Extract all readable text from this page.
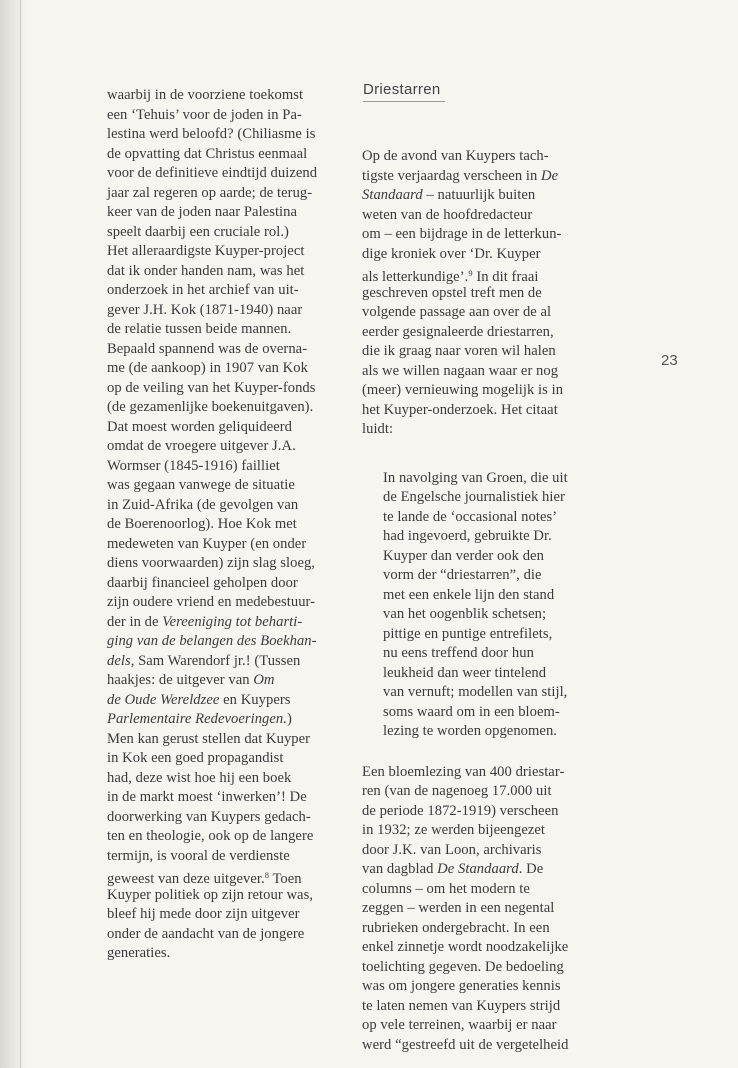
Driestarren
23
waarbij in de voorziene toekomst
een ‘Tehuis’ voor de joden in Pa-
lestina werd beloofd? (Chiliasme is
de opvatting dat Christus eenmaal
voor de definitieve eindtijd duizend
jaar zal regeren op aarde; de terug-
keer van de joden naar Palestina
speelt daarbij een cruciale rol.)
Het alleraardigste Kuyper-project
dat ik onder handen nam, was het
onderzoek in het archief van uit-
gever J.H. Kok (1871-1940) naar
de relatie tussen beide mannen.
Bepaald spannend was de overna-
me (de aankoop) in 1907 van Kok
op de veiling van het Kuyper-fonds
(de gezamenlijke boekenuitgaven).
Dat moest worden geliquideerd
omdat de vroegere uitgever J.A.
Wormser (1845-1916) failliet
was gegaan vanwege de situatie
in Zuid-Afrika (de gevolgen van
de Boerenoorlog). Hoe Kok met
medeweten van Kuyper (en onder
diens voorwaarden) zijn slag sloeg,
daarbij financieel geholpen door
zijn oudere vriend en medebestuur-
der in de Vereeniging tot beharti-
ging van de belangen des Boekhan-
dels, Sam Warendorf jr.! (Tussen
haakjes: de uitgever van Om
de Oude Wereldzee en Kuypers
Parlementaire Redevoeringen.)
Men kan gerust stellen dat Kuyper
in Kok een goed propagandist
had, deze wist hoe hij een boek
in de markt moest ‘inwerken’! De
doorwerking van Kuypers gedach-
ten en theologie, ook op de langere
termijn, is vooral de verdienste
geweest van deze uitgever.$^8$ Toen
Kuyper politiek op zijn retour was,
bleef hij mede door zijn uitgever
onder de aandacht van de jongere
generaties.
Op de avond van Kuypers tach-
tigste verjaardag verscheen in De
Standaard – natuurlijk buiten
weten van de hoofdredacteur
om – een bijdrage in de letterkun-
dige kroniek over ‘Dr. Kuyper
als letterkundige’.$^9$ In dit fraai
geschreven opstel treft men de
volgende passage aan over de al
eerder gesignaleerde driestarren,
die ik graag naar voren wil halen
als we willen nagaan waar er nog
(meer) vernieuwing mogelijk is in
het Kuyper-onderzoek. Het citaat
luidt:
In navolging van Groen, die uit
de Engelsche journalistiek hier
te lande de ‘occasional notes’
had ingevoerd, gebruikte Dr.
Kuyper dan verder ook den
vorm der “driestarren”, die
met een enkele lijn den stand
van het oogenblik schetsen;
pittige en puntige entrefilets,
nu eens treffend door hun
leukheid dan weer tintelend
van vernuft; modellen van stijl,
soms waard om in een bloem-
lezing te worden opgenomen.
Een bloemlezing van 400 driestar-
ren (van de nagenoeg 17.000 uit
de periode 1872-1919) verscheen
in 1932; ze werden bijeengezet
door J.K. van Loon, archivaris
van dagblad De Standaard. De
columns – om het modern te
zeggen – werden in een negental
rubrieken ondergebracht. In een
enkel zinnetje wordt noodzakelijke
toelichting gegeven. De bedoeling
was om jongere generaties kennis
te laten nemen van Kuypers strijd
op vele terreinen, waarbij er naar
werd “gestreefd uit de vergetelheid
